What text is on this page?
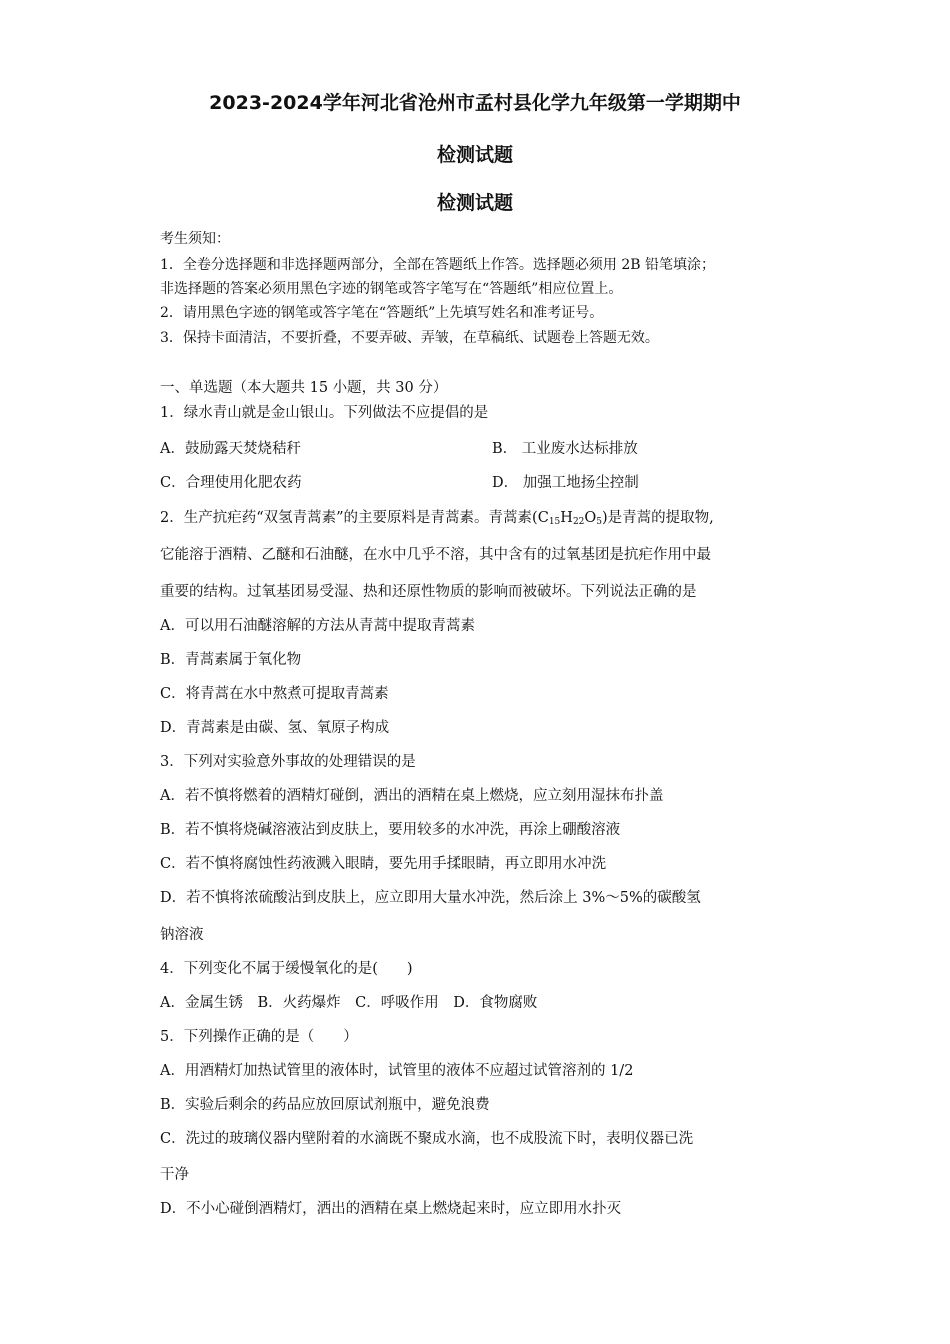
2023-2024学年河北省沧州市孟村县化学九年级第一学期期中
检测试题
检测试题
考生须知：
1．全卷分选择题和非选择题两部分，全部在答题纸上作答。选择题必须用 2B 铅笔填涂；
非选择题的答案必须用黑色字迹的钢笔或答字笔写在“答题纸”相应位置上。
2．请用黑色字迹的钢笔或答字笔在“答题纸”上先填写姓名和准考证号。
3．保持卡面清洁，不要折叠，不要弄破、弄皱，在草稿纸、试题卷上答题无效。
一、单选题（本大题共 15 小题，共 30 分）
1．绿水青山就是金山银山。下列做法不应提倡的是
A．鼓励露天焚烧秸秆	B． 工业废水达标排放
C．合理使用化肥农药	D． 加强工地扬尘控制
2．生产抗疟药“双氢青蒿素”的主要原料是青蒿素。青蒿素$(C_{15}H_{22}O_5)$是青蒿的提取物,
它能溶于酒精、乙醚和石油醚，在水中几乎不溶，其中含有的过氧基团是抗疟作用中最
重要的结构。过氧基团易受湿、热和还原性物质的影响而被破坏。下列说法正确的是
A．可以用石油醚溶解的方法从青蒿中提取青蒿素
B．青蒿素属于氧化物
C．将青蒿在水中熬煮可提取青蒿素
D．青蒿素是由碳、氢、氧原子构成
3．下列对实验意外事故的处理错误的是
A．若不慎将燃着的酒精灯碰倒，洒出的酒精在桌上燃烧，应立刻用湿抹布扑盖
B．若不慎将烧碱溶液沾到皮肤上，要用较多的水冲洗，再涂上硼酸溶液
C．若不慎将腐蚀性药液溅入眼睛，要先用手揉眼睛，再立即用水冲洗
D．若不慎将浓硫酸沾到皮肤上，应立即用大量水冲洗，然后涂上 3%～5%的碳酸氢
钠溶液
4．下列变化不属于缓慢氧化的是(　　)
A．金属生锈　B．火药爆炸　C．呼吸作用　D．食物腐败
5．下列操作正确的是（　　）
A．用酒精灯加热试管里的液体时，试管里的液体不应超过试管溶剂的 1/2
B．实验后剩余的药品应放回原试剂瓶中，避免浪费
C．洗过的玻璃仪器内壁附着的水滴既不聚成水滴，也不成股流下时，表明仪器已洗
干净
D．不小心碰倒酒精灯，洒出的酒精在桌上燃烧起来时，应立即用水扑灭
